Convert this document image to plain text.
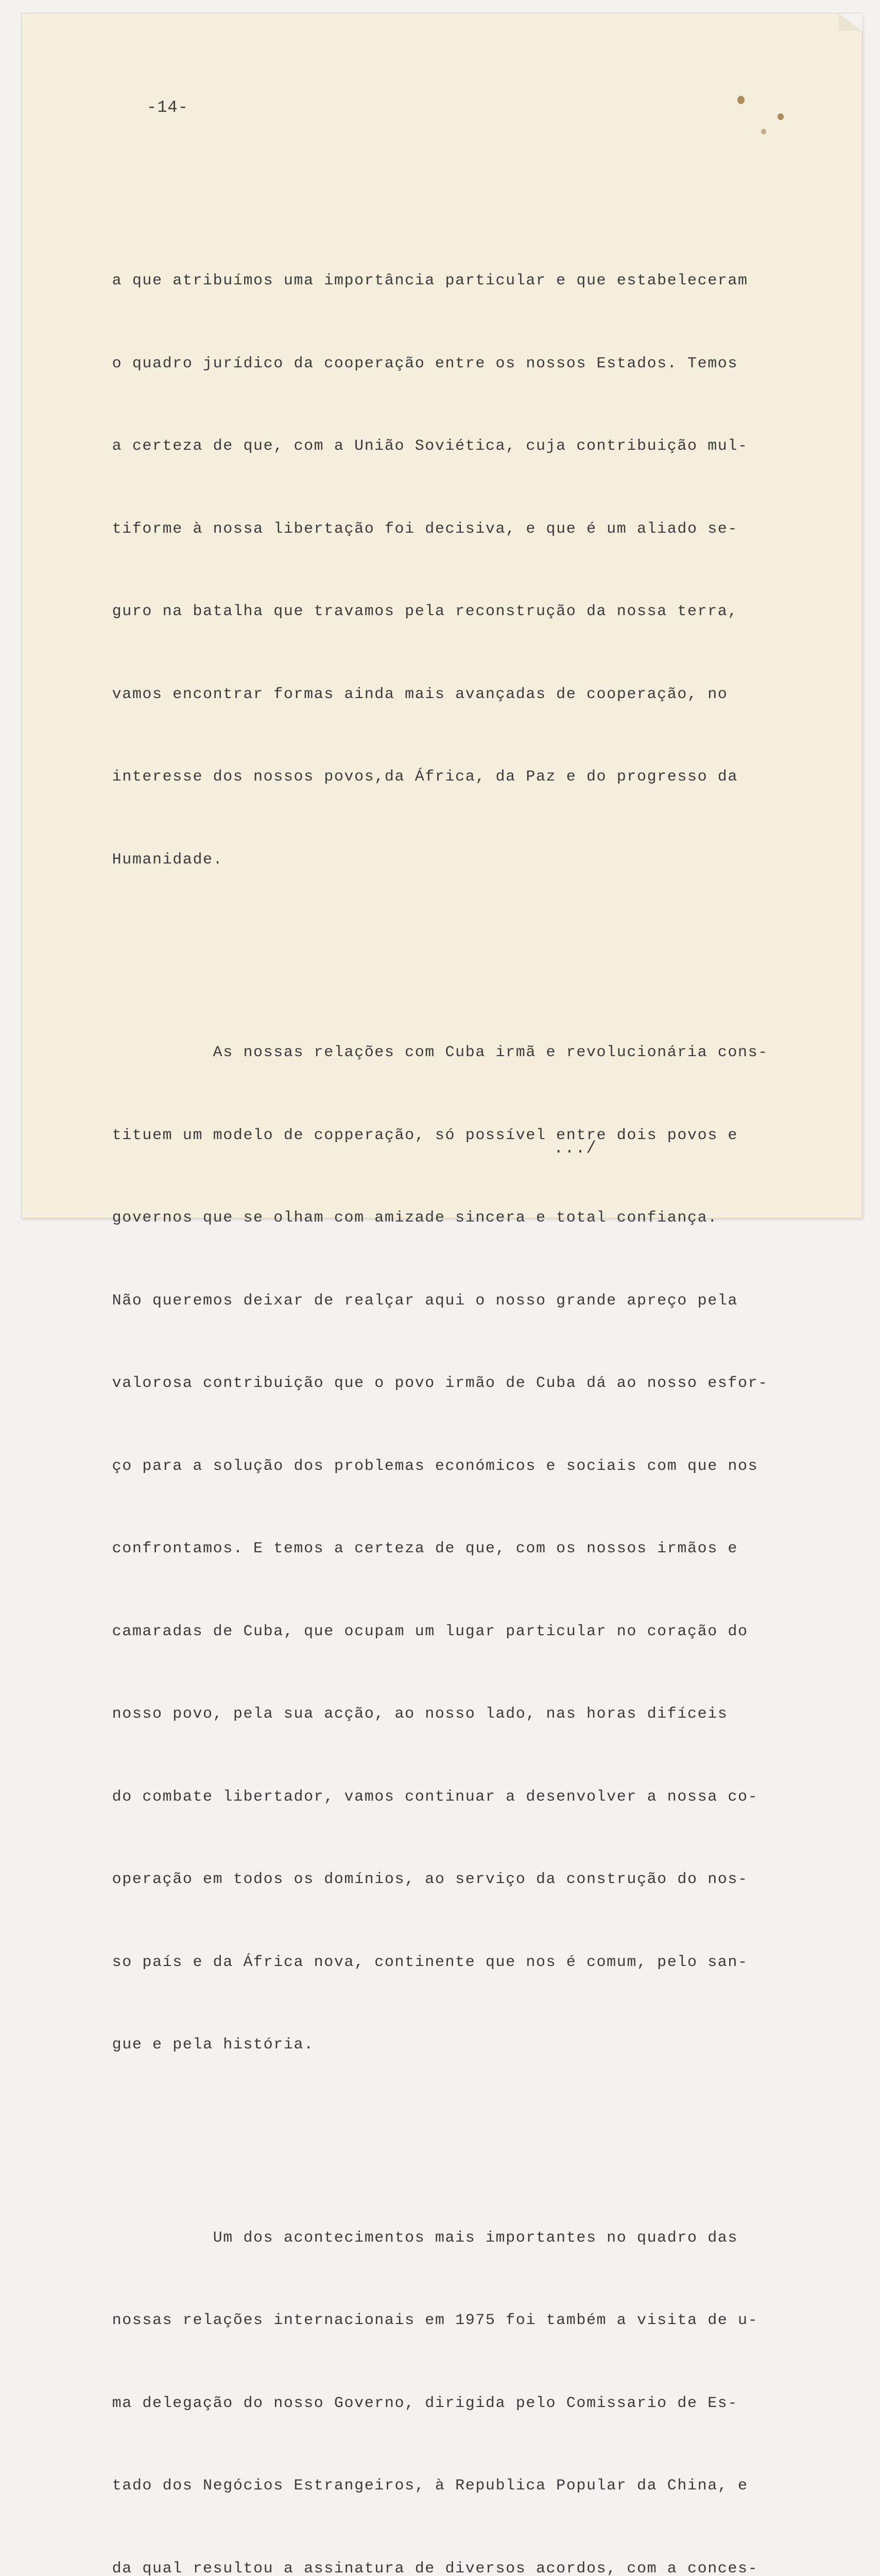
-14-

a que atribuímos uma importância particular e que estabeleceram

o quadro jurídico da cooperação entre os nossos Estados. Temos

a certeza de que, com a União Soviética, cuja contribuição mul-

tiforme à nossa libertação foi decisiva, e que é um aliado se-

guro na batalha que travamos pela reconstrução da nossa terra,

vamos encontrar formas ainda mais avançadas de cooperação, no

interesse dos nossos povos,da África, da Paz e do progresso da

Humanidade.

As nossas relações com Cuba irmã e revolucionária cons-

tituem um modelo de copperação, só possível entre dois povos e

governos que se olham com amizade sincera e total confiança.

Não queremos deixar de realçar aqui o nosso grande apreço pela

valorosa contribuição que o povo irmão de Cuba dá ao nosso esfor-

ço para a solução dos problemas económicos e sociais com que nos

confrontamos. E temos a certeza de que, com os nossos irmãos e

camaradas de Cuba, que ocupam um lugar particular no coração do

nosso povo, pela sua acção, ao nosso lado, nas horas difíceis

do combate libertador, vamos continuar a desenvolver a nossa co-

operação em todos os domínios, ao serviço da construção do nos-

so país e da África nova, continente que nos é comum, pelo san-

gue e pela história.

Um dos acontecimentos mais importantes no quadro das

nossas relações internacionais em 1975 foi também a visita de u-

ma delegação do nosso Governo, dirigida pelo Comissario de Es-

tado dos Negócios Estrangeiros, à Republica Popular da China, e

da qual resultou a assinatura de diversos acordos, com a conces-

.../
